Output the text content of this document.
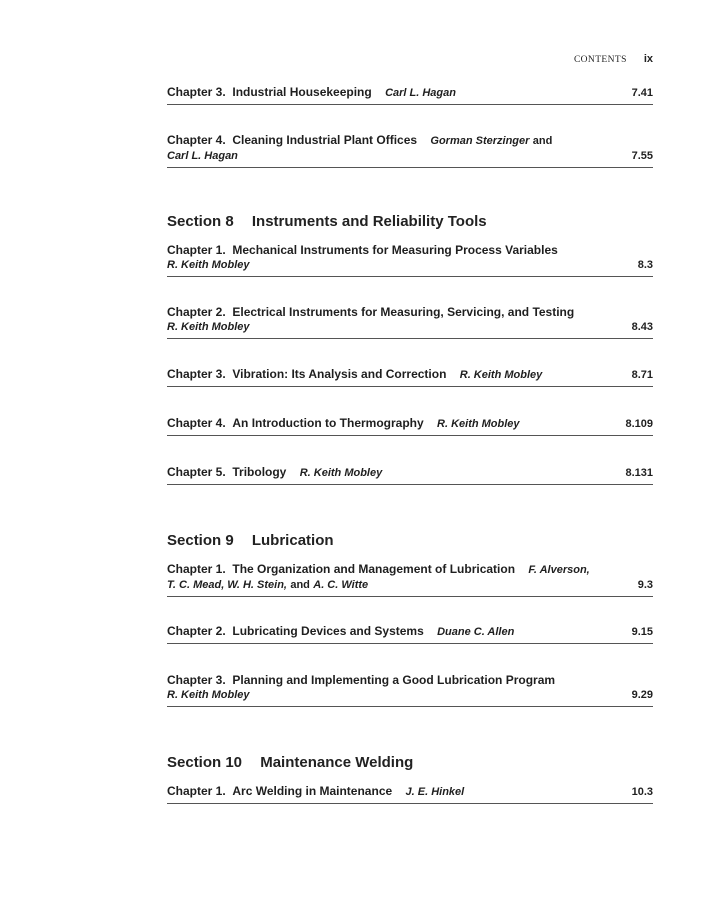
CONTENTS ix
Chapter 3. Industrial Housekeeping Carl L. Hagan	7.41
Chapter 4. Cleaning Industrial Plant Offices Gorman Sterzinger and
Carl L. Hagan	7.55
Section 8 Instruments and Reliability Tools
Chapter 1. Mechanical Instruments for Measuring Process Variables
R. Keith Mobley	8.3
Chapter 2. Electrical Instruments for Measuring, Servicing, and Testing
R. Keith Mobley	8.43
Chapter 3. Vibration: Its Analysis and Correction R. Keith Mobley	8.71
Chapter 4. An Introduction to Thermography R. Keith Mobley	8.109
Chapter 5. Tribology R. Keith Mobley	8.131
Section 9 Lubrication
Chapter 1. The Organization and Management of Lubrication F. Alverson,
T. C. Mead, W. H. Stein, and A. C. Witte	9.3
Chapter 2. Lubricating Devices and Systems Duane C. Allen	9.15
Chapter 3. Planning and Implementing a Good Lubrication Program
R. Keith Mobley	9.29
Section 10 Maintenance Welding
Chapter 1. Arc Welding in Maintenance J. E. Hinkel	10.3
